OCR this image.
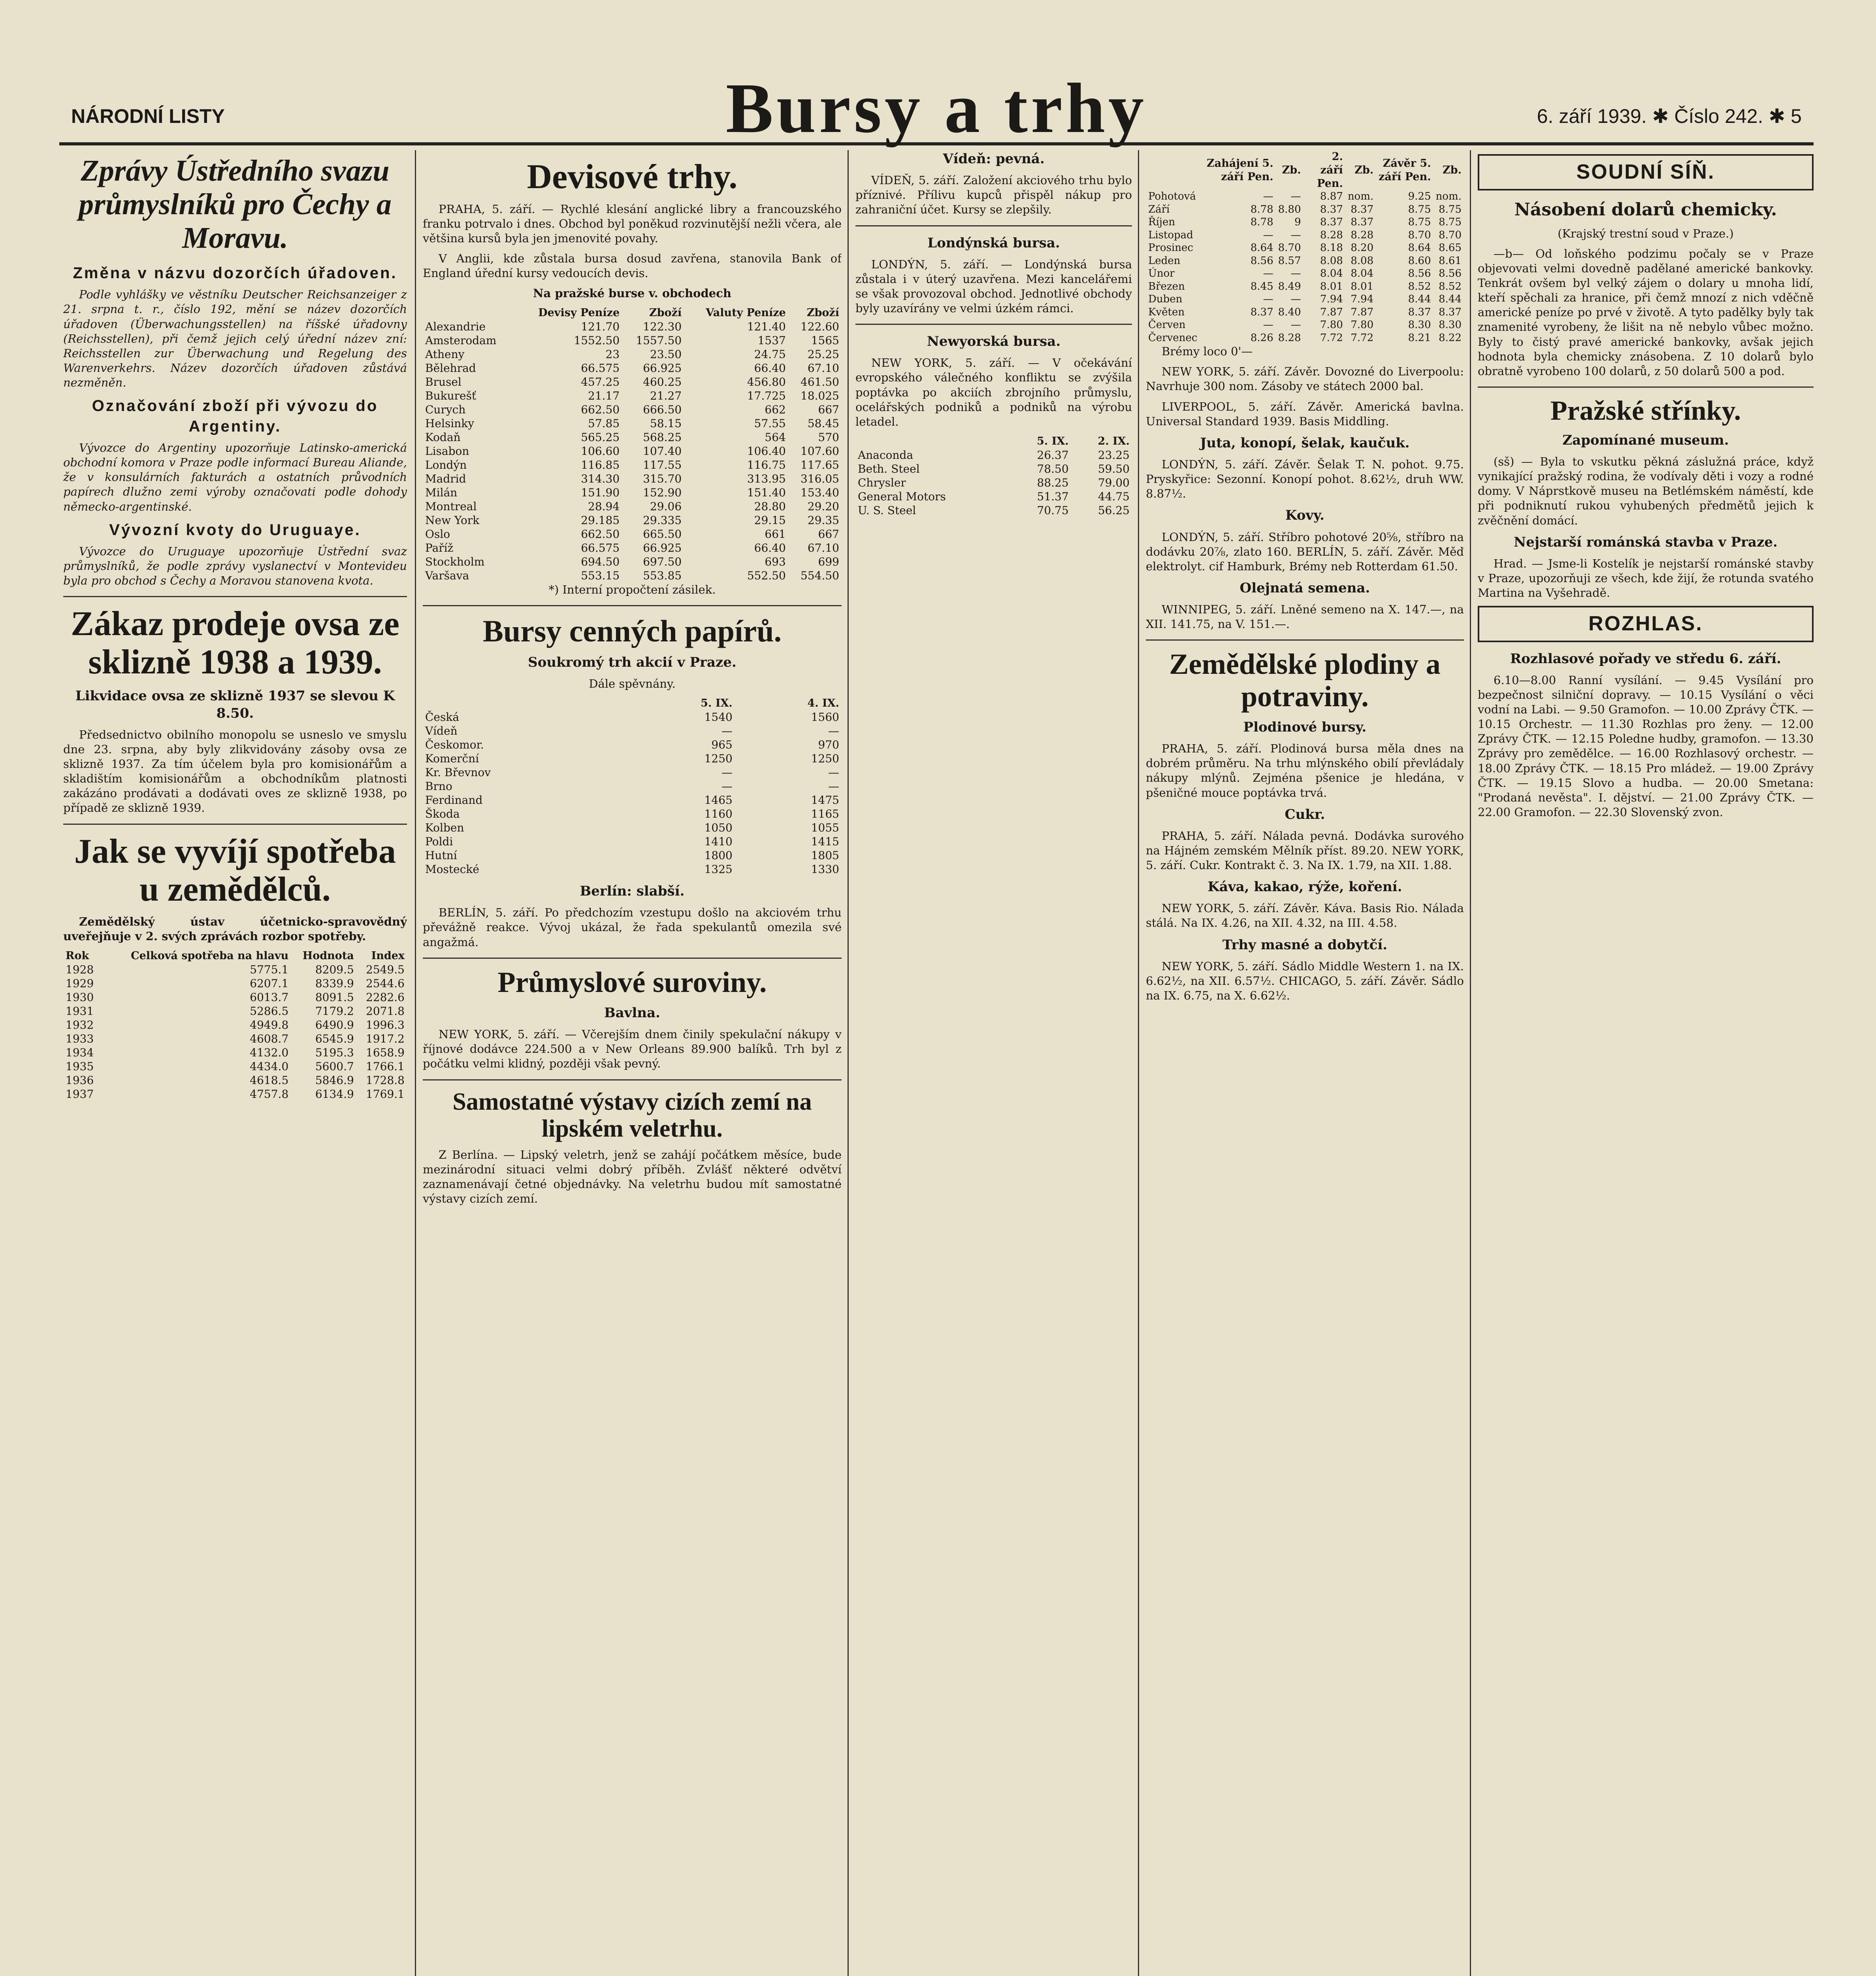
NÁRODNÍ LISTY	Bursy a trhy	6. září 1939. ✱ Číslo 242. ✱ 5
Zprávy Ústředního svazu průmyslníků pro Čechy a Moravu.
Změna v názvu dozorčích úřadoven.

Podle vyhlášky ve věstníku Deutscher Reichsanzeiger z 21. srpna t. r., číslo 192, mění se název dozorčích úřadoven (Überwachungsstellen) na říšské úřadovny (Reichsstellen), při čemž jejich celý úřední název zní: Reichsstellen zur Überwachung und Regelung des Warenverkehrs. Název dozorčích úřadoven zůstává nezměněn.

Označování zboží při vývozu do Argentiny.

Vývozce do Argentiny upozorňuje Latinsko-americká obchodní komora v Praze podle informací Bureau Aliande, že v konsulárních fakturách a ostatních průvodních papírech dlužno zemi výroby označovati podle dohody německo-argentinské.

Vývozní kvoty do Uruguaye.

Vývozce do Uruguaye upozorňuje Ústřední svaz průmyslníků, že podle zprávy vyslanectví v Montevideu byla pro obchod s Čechy a Moravou stanovena kvota.

Zákaz prodeje ovsa ze sklizně 1938 a 1939.

Likvidace ovsa ze sklizně 1937 se slevou K 8.50.

Předsednictvo obilního monopolu se usneslo ve smyslu dne 23. srpna, aby byly zlikvidovány zásoby ovsa ze sklizně 1937. Za tím účelem byla pro komisionářům a skladištím komisionářům a obchodníkům platnosti zakázáno prodávati a dodávati oves ze sklizně 1938, po případě ze sklizně 1939.

Jak se vyvíjí spotřeba u zemědělců.

Zemědělský ústav účetnicko-spravovědný uveřejňuje v 2. svých zprávách rozbor spotřeby.

Rok	Celková spotřeba na hlavu	Hodnota	Index
1928	5775.1	8209.5	2549.5
1929	6207.1	8339.9	2544.6
1930	6013.7	8091.5	2282.6
1931	5286.5	7179.2	2071.8
1932	4949.8	6490.9	1996.3
1933	4608.7	6545.9	1917.2
1934	4132.0	5195.3	1658.9
1935	4434.0	5600.7	1766.1
1936	4618.5	5846.9	1728.8
1937	4757.8	6134.9	1769.1
Devisové trhy.

PRAHA, 5. září. — Rychlé klesání anglické libry a francouzského franku potrvalo i dnes. Obchod byl poněkud rozvinutější nežli včera, ale většina kursů byla jen jmenovité povahy.

V Anglii, kde zůstala bursa dosud zavřena, stanovila Bank of England úřední kursy vedoucích devis.

Na pražské burse v. obchodech

	Devisy Peníze	Zboží	Valuty Peníze	Zboží
Alexandrie	121.70	122.30	121.40	122.60
Amsterodam	1552.50	1557.50	1537	1565
Atheny	23	23.50	24.75	25.25
Bělehrad	66.575	66.925	66.40	67.10
Brusel	457.25	460.25	456.80	461.50
Bukurešť	21.17	21.27	17.725	18.025
Curych	662.50	666.50	662	667
Helsinky	57.85	58.15	57.55	58.45
Kodaň	565.25	568.25	564	570
Lisabon	106.60	107.40	106.40	107.60
Londýn	116.85	117.55	116.75	117.65
Madrid	314.30	315.70	313.95	316.05
Milán	151.90	152.90	151.40	153.40
Montreal	28.94	29.06	28.80	29.20
New York	29.185	29.335	29.15	29.35
Oslo	662.50	665.50	661	667
Paříž	66.575	66.925	66.40	67.10
Stockholm	694.50	697.50	693	699
Varšava	553.15	553.85	552.50	554.50

*) Interní propočtení zásilek.

Bursy cenných papírů.

Soukromý trh akcií v Praze.

Dále spěvnány.

	5. IX.	4. IX.
Česká	1540	1560
Vídeň	—	—
Českomor.	965	970
Komerční	1250	1250
Kr. Břevnov	—	—
Brno	—	—
Ferdinand	1465	1475
Škoda	1160	1165
Kolben	1050	1055
Poldi	1410	1415
Hutní	1800	1805
Mostecké	1325	1330

Berlín: slabší.

BERLÍN, 5. září. Po předchozím vzestupu došlo na akciovém trhu převážně reakce. Vývoj ukázal, že řada spekulantů omezila své angažmá.

Průmyslové suroviny.

Bavlna.

NEW YORK, 5. září. — Včerejším dnem činily spekulační nákupy v říjnové dodávce 224.500 a v New Orleans 89.900 balíků. Trh byl z počátku velmi klidný, později však pevný.

Samostatné výstavy cizích zemí na lipském veletrhu.

Z Berlína. — Lipský veletrh, jenž se zahájí počátkem měsíce, bude mezinárodní situaci velmi dobrý příběh. Zvlášť některé odvětví zaznamenávají četné objednávky. Na veletrhu budou mít samostatné výstavy cizích zemí.

Vídeň: pevná.

VÍDEŇ, 5. září. Založení akciového trhu bylo příznivé. Přílivu kupců přispěl nákup pro zahraniční účet. Kursy se zlepšily.

Londýnská bursa.

LONDÝN, 5. září. — Londýnská bursa zůstala i v úterý uzavřena. Mezi kancelářemi se však provozoval obchod. Jednotlivé obchody byly uzavírány ve velmi úzkém rámci.

Newyorská bursa.

NEW YORK, 5. září. — V očekávání evropského válečného konfliktu se zvýšila poptávka po akciích zbrojního průmyslu, ocelářských podniků a podniků na výrobu letadel.

	5. IX.	2. IX.
Anaconda	26.37	23.25
Beth. Steel	78.50	59.50
Chrysler	88.25	79.00
General Motors	51.37	44.75
U. S. Steel	70.75	56.25
	Zahájení 5. září Pen.	Zb.	2. září Pen.	Zb.	Závěr 5. září Pen.	Zb.
Pohotová	—	—	8.87	nom.	9.25	nom.
Září	8.78	8.80	8.37	8.37	8.75	8.75
Říjen	8.78	9	8.37	8.37	8.75	8.75
Listopad	—	—	8.28	8.28	8.70	8.70
Prosinec	8.64	8.70	8.18	8.20	8.64	8.65
Leden	8.56	8.57	8.08	8.08	8.60	8.61
Únor	—	—	8.04	8.04	8.56	8.56
Březen	8.45	8.49	8.01	8.01	8.52	8.52
Duben	—	—	7.94	7.94	8.44	8.44
Květen	8.37	8.40	7.87	7.87	8.37	8.37
Červen	—	—	7.80	7.80	8.30	8.30
Červenec	8.26	8.28	7.72	7.72	8.21	8.22

Brémy loco 0'—

NEW YORK, 5. září. Závěr. Dovozné do Liverpoolu: Navrhuje 300 nom. Zásoby ve státech 2000 bal.

LIVERPOOL, 5. září. Závěr. Americká bavlna. Universal Standard 1939. Basis Middling.

Juta, konopí, šelak, kaučuk.

LONDÝN, 5. září. Závěr. Šelak T. N. pohot. 9.75. Pryskyřice: Sezonní. Konopí pohot. 8.62½, druh WW. 8.87½.

Kovy.

LONDÝN, 5. září. Stříbro pohotové 20⅝, stříbro na dodávku 20⅞, zlato 160. BERLÍN, 5. září. Závěr. Měď elektrolyt. cif Hamburk, Brémy neb Rotterdam 61.50.

Olejnatá semena.

WINNIPEG, 5. září. Lněné semeno na X. 147.—, na XII. 141.75, na V. 151.—.

Zemědělské plodiny a potraviny.

Plodinové bursy.

PRAHA, 5. září. Plodinová bursa měla dnes na dobrém průměru. Na trhu mlýnského obilí převládaly nákupy mlýnů. Zejména pšenice je hledána, v pšeničné mouce poptávka trvá.

Cukr.

PRAHA, 5. září. Nálada pevná. Dodávka surového na Hájném zemském Mělník příst. 89.20. NEW YORK, 5. září. Cukr. Kontrakt č. 3. Na IX. 1.79, na XII. 1.88.

Káva, kakao, rýže, koření.

NEW YORK, 5. září. Závěr. Káva. Basis Rio. Nálada stálá. Na IX. 4.26, na XII. 4.32, na III. 4.58.

Trhy masné a dobytčí.

NEW YORK, 5. září. Sádlo Middle Western 1. na IX. 6.62½, na XII. 6.57½. CHICAGO, 5. září. Závěr. Sádlo na IX. 6.75, na X. 6.62½.

SOUDNÍ SÍŇ.

Násobení dolarů chemicky.

(Krajský trestní soud v Praze.)

—b— Od loňského podzimu počaly se v Praze objevovati velmi dovedně padělané americké bankovky. Tenkrát ovšem byl velký zájem o dolary u mnoha lidí, kteří spěchali za hranice, při čemž mnozí z nich vděčně americké peníze po prvé v životě. A tyto padělky byly tak znamenité vyrobeny, že lišit na ně nebylo vůbec možno. Byly to čistý pravé americké bankovky, avšak jejich hodnota byla chemicky znásobena. Z 10 dolarů bylo obratně vyrobeno 100 dolarů, z 50 dolarů 500 a pod.

Pražské střínky.

Zapomínané museum.

(sš) — Byla to vskutku pěkná záslužná práce, když vynikající pražský rodina, že vodívaly děti i vozy a rodné domy. V Náprstkově museu na Betlémském náměstí, kde při podniknutí rukou vyhubených předmětů jejich k zvěčnění domácí.

Nejstarší románská stavba v Praze.

Hrad. — Jsme-li Kostelík je nejstarší románské stavby v Praze, upozorňuji ze všech, kde žijí, že rotunda svatého Martina na Vyšehradě.

ROZHLAS.

Rozhlasové pořady ve středu 6. září.

6.10—8.00 Ranní vysílání. — 9.45 Vysílání pro bezpečnost silniční dopravy. — 10.15 Vysílání o věci vodní na Labi. — 9.50 Gramofon. — 10.00 Zprávy ČTK. — 10.15 Orchestr. — 11.30 Rozhlas pro ženy. — 12.00 Zprávy ČTK. — 12.15 Poledne hudby, gramofon. — 13.30 Zprávy pro zemědělce. — 16.00 Rozhlasový orchestr. — 18.00 Zprávy ČTK. — 18.15 Pro mládež. — 19.00 Zprávy ČTK. — 19.15 Slovo a hudba. — 20.00 Smetana: "Prodaná nevěsta". I. dějství. — 21.00 Zprávy ČTK. — 22.00 Gramofon. — 22.30 Slovenský zvon.
